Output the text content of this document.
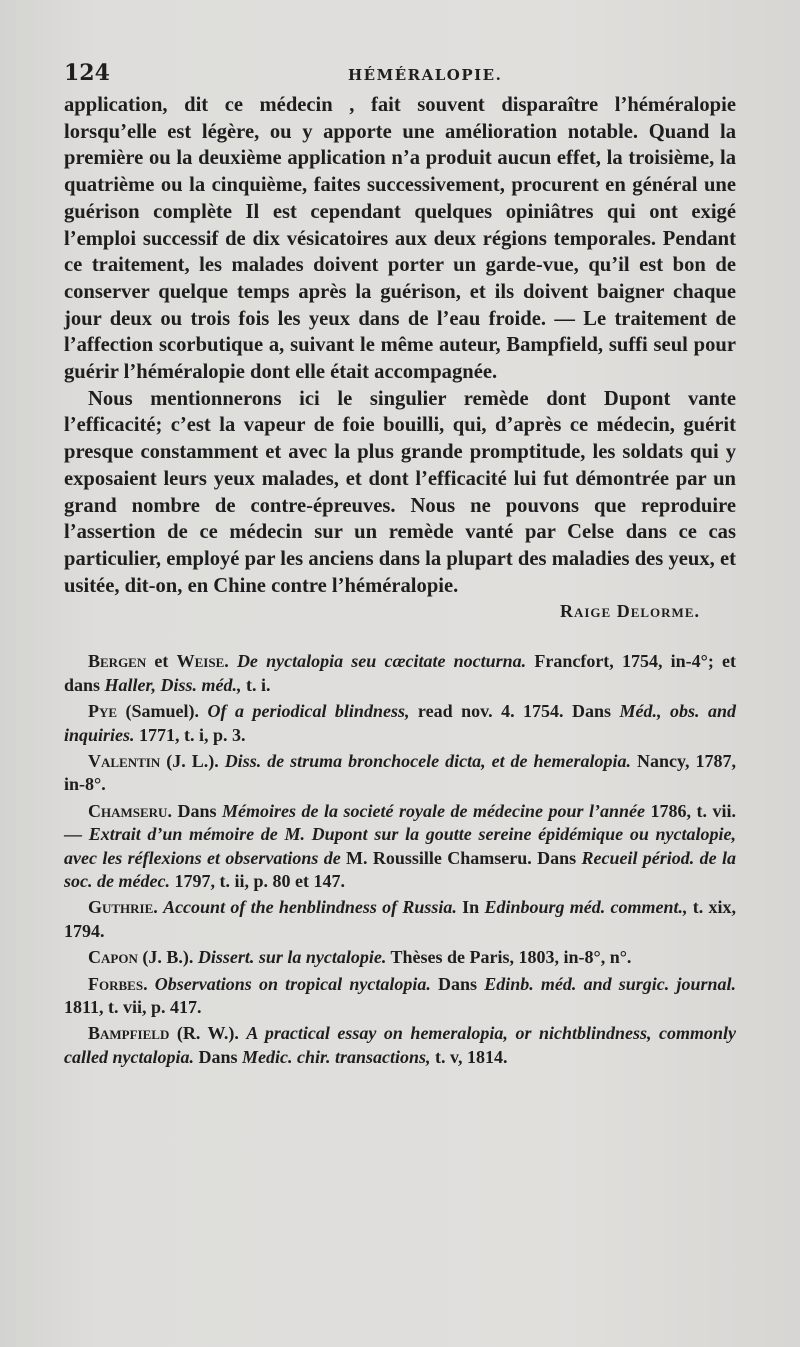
124	HÉMÉRALOPIE.

application, dit ce médecin , fait souvent disparaître l’héméralopie lorsqu’elle est légère, ou y apporte une amélioration notable. Quand la première ou la deuxième application n’a produit aucun effet, la troisième, la quatrième ou la cinquième, faites successivement, procurent en général une guérison complète Il est cependant quelques opiniâtres qui ont exigé l’emploi successif de dix vésicatoires aux deux régions temporales. Pendant ce traitement, les malades doivent porter un garde-vue, qu’il est bon de conserver quelque temps après la guérison, et ils doivent baigner chaque jour deux ou trois fois les yeux dans de l’eau froide. — Le traitement de l’affection scorbutique a, suivant le même auteur, Bampfield, suffi seul pour guérir l’héméralopie dont elle était accompagnée.

Nous mentionnerons ici le singulier remède dont Dupont vante l’efficacité; c’est la vapeur de foie bouilli, qui, d’après ce médecin, guérit presque constamment et avec la plus grande promptitude, les soldats qui y exposaient leurs yeux malades, et dont l’efficacité lui fut démontrée par un grand nombre de contre-épreuves. Nous ne pouvons que reproduire l’assertion de ce médecin sur un remède vanté par Celse dans ce cas particulier, employé par les anciens dans la plupart des maladies des yeux, et usitée, dit-on, en Chine contre l’héméralopie.

Raige Delorme.

Bergen et Weise. De nyctalopia seu cæcitate nocturna. Francfort, 1754, in-4°; et dans Haller, Diss. méd., t. i.

Pye (Samuel). Of a periodical blindness, read nov. 4. 1754. Dans Méd., obs. and inquiries. 1771, t. i, p. 3.

Valentin (J. L.). Diss. de struma bronchocele dicta, et de hemeralopia. Nancy, 1787, in-8°.

Chamseru. Dans Mémoires de la societé royale de médecine pour l’année 1786, t. vii. — Extrait d’un mémoire de M. Dupont sur la goutte sereine épidémique ou nyctalopie, avec les réflexions et observations de M. Roussille Chamseru. Dans Recueil périod. de la soc. de médec. 1797, t. ii, p. 80 et 147.

Guthrie. Account of the henblindness of Russia. In Edinbourg méd. comment., t. xix, 1794.

Capon (J. B.). Dissert. sur la nyctalopie. Thèses de Paris, 1803, in-8°, n°.

Forbes. Observations on tropical nyctalopia. Dans Edinb. méd. and surgic. journal. 1811, t. vii, p. 417.

Bampfield (R. W.). A practical essay on hemeralopia, or nichtblindness, commonly called nyctalopia. Dans Medic. chir. transactions, t. v, 1814.
